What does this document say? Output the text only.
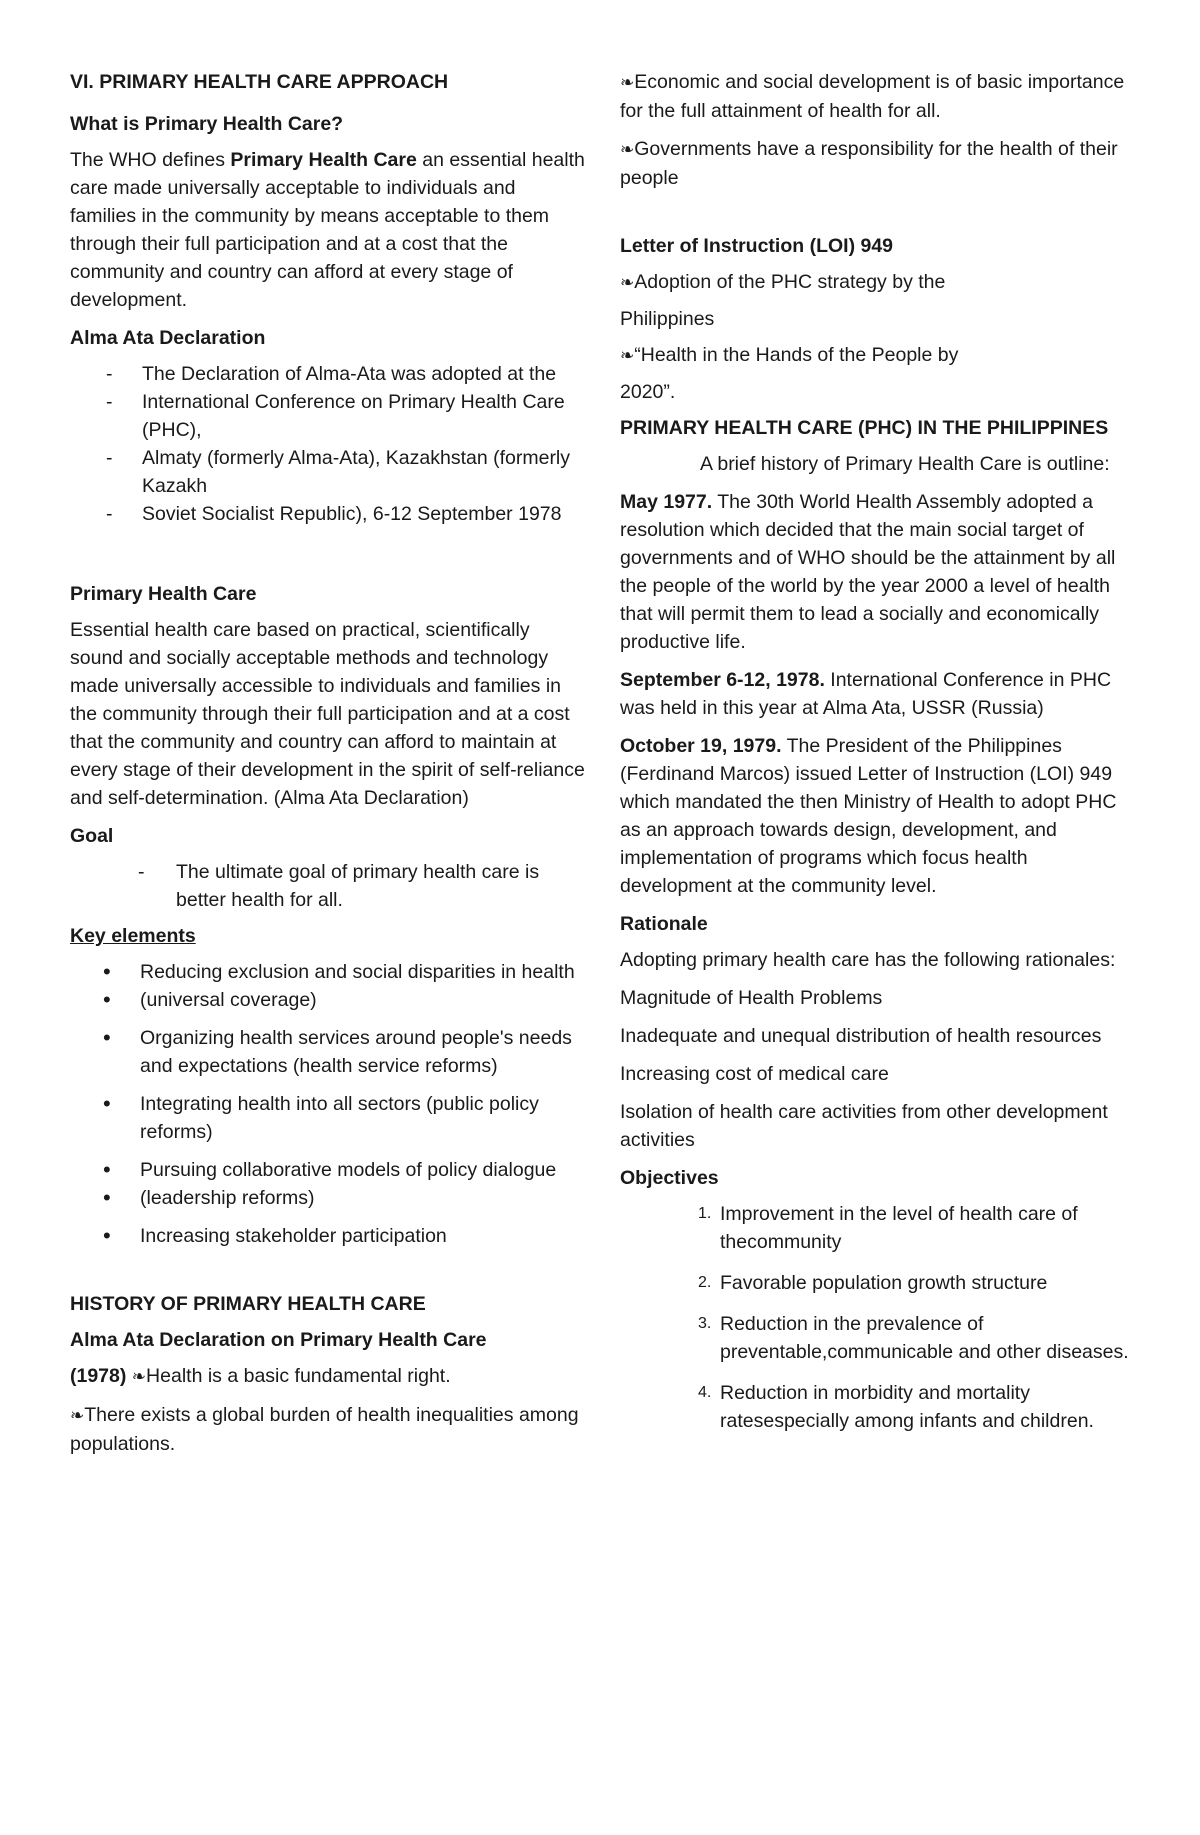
VI. PRIMARY HEALTH CARE APPROACH

What is Primary Health Care?

The WHO defines Primary Health Care an essential health care made universally acceptable to individuals and families in the community by means acceptable to them through their full participation and at a cost that the community and country can afford at every stage of development.

Alma Ata Declaration

- The Declaration of Alma-Ata was adopted at the
- International Conference on Primary Health Care (PHC),
- Almaty (formerly Alma-Ata), Kazakhstan (formerly Kazakh
- Soviet Socialist Republic), 6-12 September 1978

Primary Health Care

Essential health care based on practical, scientifically sound and socially acceptable methods and technology made universally accessible to individuals and families in the community through their full participation and at a cost that the community and country can afford to maintain at every stage of their development in the spirit of self-reliance and self-determination. (Alma Ata Declaration)

Goal

- The ultimate goal of primary health care is better health for all.

Key elements

• Reducing exclusion and social disparities in health
• (universal coverage)
• Organizing health services around people's needs and expectations (health service reforms)
• Integrating health into all sectors (public policy reforms)
• Pursuing collaborative models of policy dialogue
• (leadership reforms)
• Increasing stakeholder participation

HISTORY OF PRIMARY HEALTH CARE

Alma Ata Declaration on Primary Health Care

(1978) ❧Health is a basic fundamental right.

❧There exists a global burden of health inequalities among populations.

❧Economic and social development is of basic importance for the full attainment of health for all.

❧Governments have a responsibility for the health of their people

Letter of Instruction (LOI) 949

❧Adoption of the PHC strategy by the

Philippines

❧“Health in the Hands of the People by

2020”.

PRIMARY HEALTH CARE (PHC) IN THE PHILIPPINES

A brief history of Primary Health Care is outline:

May 1977. The 30th World Health Assembly adopted a resolution which decided that the main social target of governments and of WHO should be the attainment by all the people of the world by the year 2000 a level of health that will permit them to lead a socially and economically productive life.

September 6-12, 1978. International Conference in PHC was held in this year at Alma Ata, USSR (Russia)

October 19, 1979. The President of the Philippines (Ferdinand Marcos) issued Letter of Instruction (LOI) 949 which mandated the then Ministry of Health to adopt PHC as an approach towards design, development, and implementation of programs which focus health development at the community level.

Rationale

Adopting primary health care has the following rationales:

Magnitude of Health Problems

Inadequate and unequal distribution of health resources

Increasing cost of medical care

Isolation of health care activities from other development activities

Objectives

1. Improvement in the level of health care of thecommunity
2. Favorable population growth structure
3. Reduction in the prevalence of preventable,communicable and other diseases.
4. Reduction in morbidity and mortality ratesespecially among infants and children.
